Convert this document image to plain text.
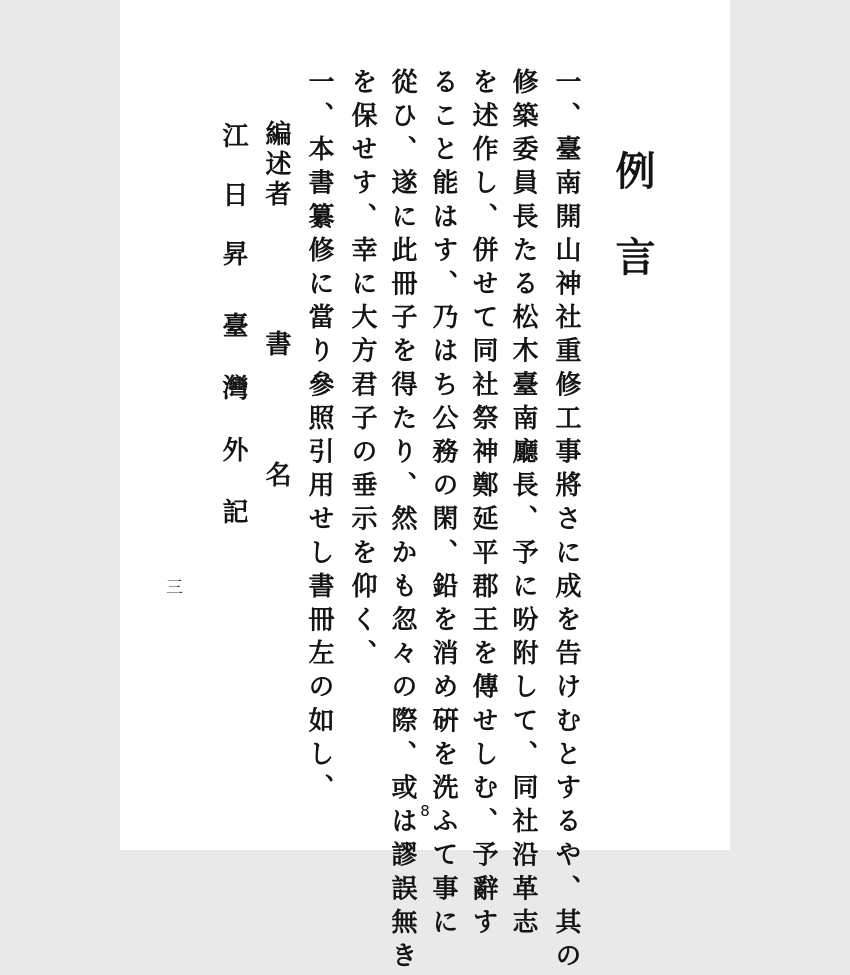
例言
一、臺南開山神社重修工事將さに成を告けむとするや、其の
修築委員長たる松木臺南廳長、予に吩附して、同社沿革志
を述作し、併せて同社祭神鄭延平郡王を傳せしむ、予辭す
ること能はす、乃はち公務の閑、鉛を消め硏を洗ふて事に
從ひ、遂に此冊子を得たり、然かも忽々の際、或は謬誤無き
を保せす、幸に大方君子の垂示を仰く、
一、本書纂修に當り參照引用せし書冊左の如し、
編述者
書名
江日昇
臺灣外記
三
8
